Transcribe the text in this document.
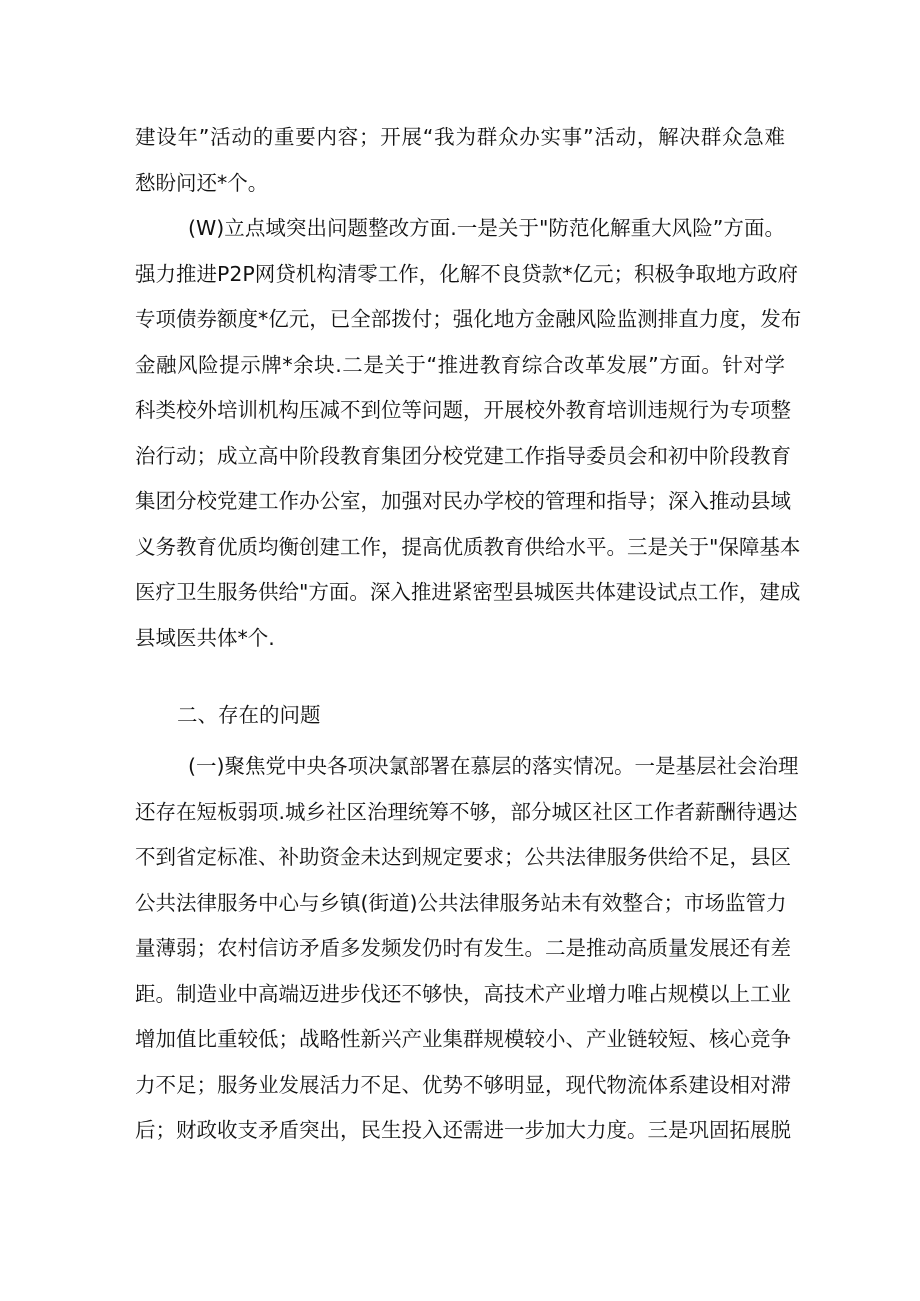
建设年”活动的重要内容；开展“我为群众办实事”活动，解决群众急难
愁盼问还*个。
(W)立点域突出问题整改方面.一是关于"防范化解重大风险”方面。
强力推进P2P网贷机构清零工作，化解不良贷款*亿元；积极争取地方政府
专项债券额度*亿元，已全部拨付；强化地方金融风险监测排直力度，发布
金融风险提示牌*余块.二是关于“推进教育综合改革发展”方面。针对学
科类校外培训机构压减不到位等问题，开展校外教育培训违规行为专项整
治行动；成立高中阶段教育集团分校党建工作指导委员会和初中阶段教育
集团分校党建工作办公室，加强对民办学校的管理和指导；深入推动县域
义务教育优质均衡创建工作，提高优质教育供给水平。三是关于"保障基本
医疗卫生服务供给"方面。深入推进紧密型县城医共体建设试点工作，建成
县域医共体*个.
二、存在的问题
(一)聚焦党中央各项决氯部署在慕层的落实情况。一是基层社会治理
还存在短板弱项.城乡社区治理统筹不够，部分城区社区工作者薪酬待遇达
不到省定标准、补助资金未达到规定要求；公共法律服务供给不足，县区
公共法律服务中心与乡镇(街道)公共法律服务站未有效整合；市场监管力
量薄弱；农村信访矛盾多发频发仍时有发生。二是推动高质量发展还有差
距。制造业中高端迈进步伐还不够快，高技术产业增力唯占规模以上工业
增加值比重较低；战略性新兴产业集群规模较小、产业链较短、核心竞争
力不足；服务业发展活力不足、优势不够明显，现代物流体系建设相对滞
后；财政收支矛盾突出，民生投入还需进一步加大力度。三是巩固拓展脱
